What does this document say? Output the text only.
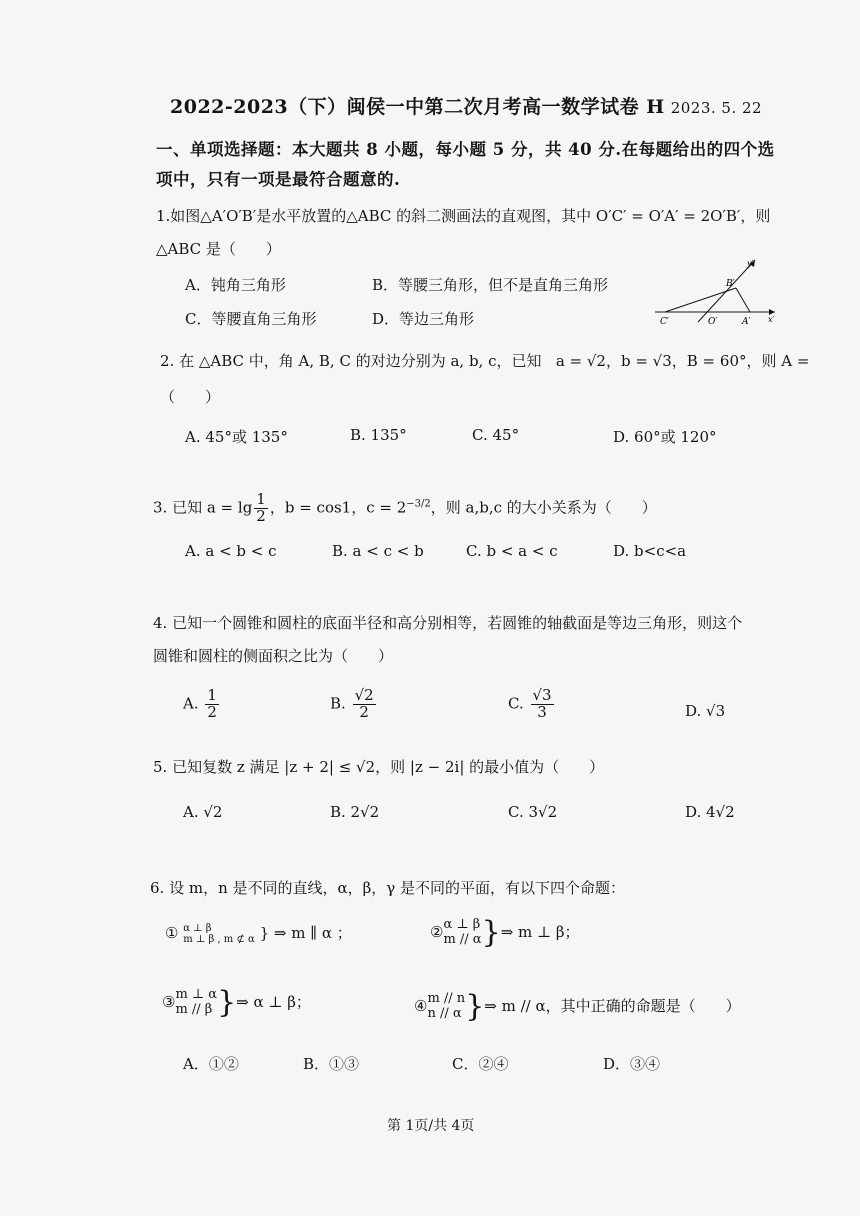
2022-2023（下）闽侯一中第二次月考高一数学试卷 H 2023. 5. 22
一、单项选择题：本大题共 8 小题，每小题 5 分，共 40 分.在每题给出的四个选
项中，只有一项是最符合题意的.
1.如图△A′O′B′是水平放置的△ABC 的斜二测画法的直观图，其中 O′C′ = O′A′ = 2O′B′，则
△ABC 是（　　）
A．钝角三角形	B．等腰三角形，但不是直角三角形
C．等腰直角三角形	D．等边三角形	C′	O′	A′
B′
x′
y′
2. 在 △ABC 中，角 A, B, C 的对边分别为 a, b, c，已知 a = √2，b = √3，B = 60°，则 A =
（　　）
A. 45°或 135°	B. 135°	C. 45°	D. 60°或 120°
3. 已知 $a = \lg \frac{1}{2}$ ，b = cos1，$c = 2^{-3/2}$，则 a,b,c 的大小关系为（　　）
A. a < b < c	B. a < c < b	C. b < a < c	D. b<c<a
4. 已知一个圆锥和圆柱的底面半径和高分别相等，若圆锥的轴截面是等边三角形，则这个
圆锥和圆柱的侧面积之比为（　　）
A. $\frac{1}{2}$	B. $\frac{√2}{2}$	C. $\frac{√3}{3}$	D. √3
5. 已知复数 z 满足 |z + 2| ≤ √2，则 |z − 2i| 的最小值为（　　）
A. √2	B. 2√2	C. 3√2	D. 4√2
6. 设 m，n 是不同的直线，α，β，γ 是不同的平面，有以下四个命题：
① α ⊥ β
m ⊥ β , m ⊄ α } ⇒ m ∥ α ；	② α ⊥ β
m // α }⇒ m ⊥ β；
③ m ⊥ α
m // β }⇒ α ⊥ β；	④ m // n
n // α }⇒ m // α，其中正确的命题是（　　）
A．①②	B．①③	C．②④	D．③④
第 1页/共 4页
